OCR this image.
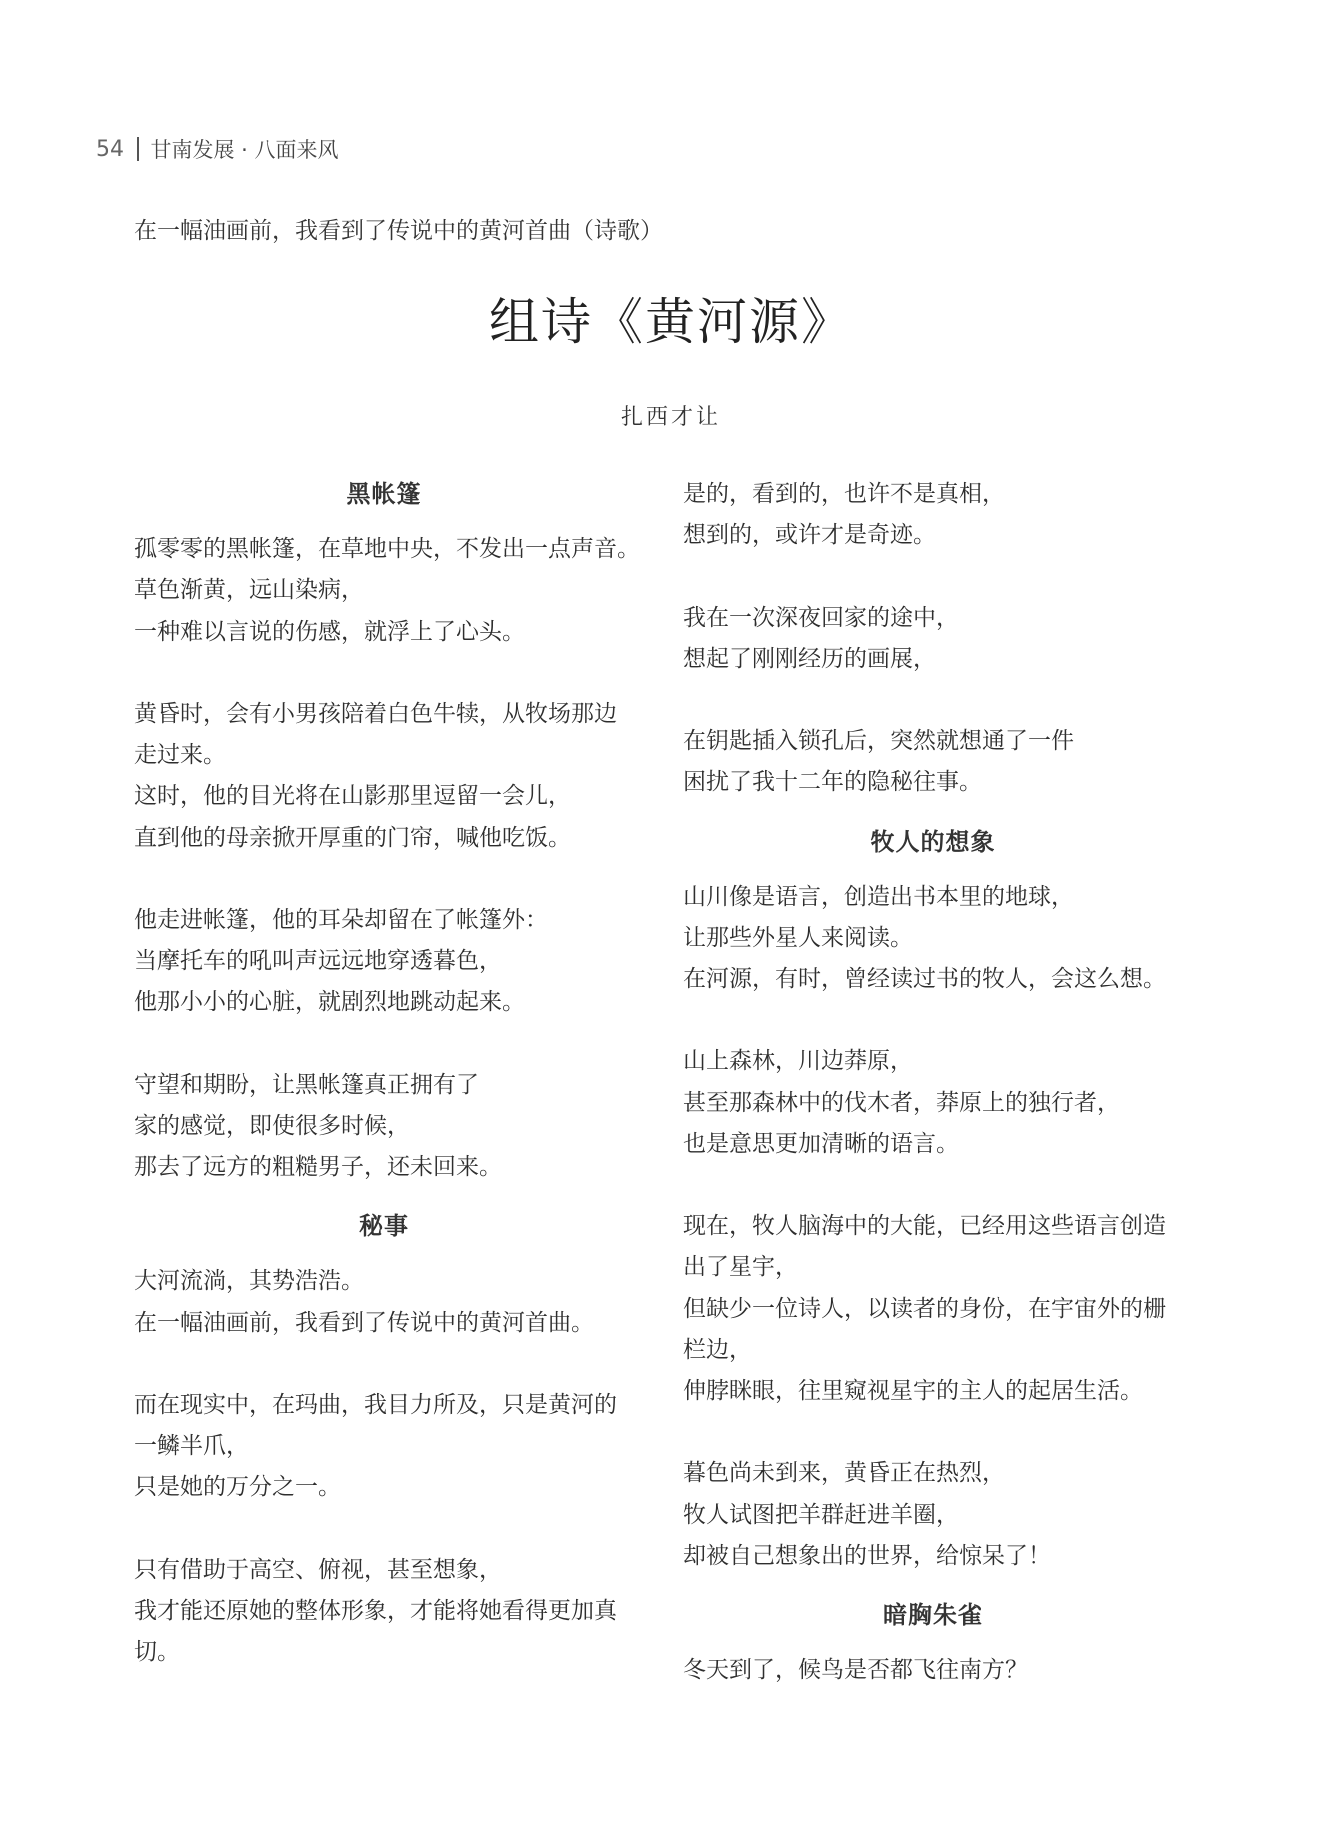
54 甘南发展 · 八面来风
在一幅油画前，我看到了传说中的黄河首曲（诗歌）
组诗《黄河源》
扎西才让
黑帐篷
孤零零的黑帐篷，在草地中央，不发出一点声音。
草色渐黄，远山染病，
一种难以言说的伤感，就浮上了心头。
黄昏时，会有小男孩陪着白色牛犊，从牧场那边
走过来。
这时，他的目光将在山影那里逗留一会儿，
直到他的母亲掀开厚重的门帘，喊他吃饭。
他走进帐篷，他的耳朵却留在了帐篷外：
当摩托车的吼叫声远远地穿透暮色，
他那小小的心脏，就剧烈地跳动起来。
守望和期盼，让黑帐篷真正拥有了
家的感觉，即使很多时候，
那去了远方的粗糙男子，还未回来。
秘事
大河流淌，其势浩浩。
在一幅油画前，我看到了传说中的黄河首曲。
而在现实中，在玛曲，我目力所及，只是黄河的
一鳞半爪，
只是她的万分之一。
只有借助于高空、俯视，甚至想象，
我才能还原她的整体形象，才能将她看得更加真
切。
是的，看到的，也许不是真相，
想到的，或许才是奇迹。
我在一次深夜回家的途中，
想起了刚刚经历的画展，
在钥匙插入锁孔后，突然就想通了一件
困扰了我十二年的隐秘往事。
牧人的想象
山川像是语言，创造出书本里的地球，
让那些外星人来阅读。
在河源，有时，曾经读过书的牧人，会这么想。
山上森林，川边莽原，
甚至那森林中的伐木者，莽原上的独行者，
也是意思更加清晰的语言。
现在，牧人脑海中的大能，已经用这些语言创造
出了星宇，
但缺少一位诗人，以读者的身份，在宇宙外的栅
栏边，
伸脖眯眼，往里窥视星宇的主人的起居生活。
暮色尚未到来，黄昏正在热烈，
牧人试图把羊群赶进羊圈，
却被自己想象出的世界，给惊呆了！
暗胸朱雀
冬天到了，候鸟是否都飞往南方？
